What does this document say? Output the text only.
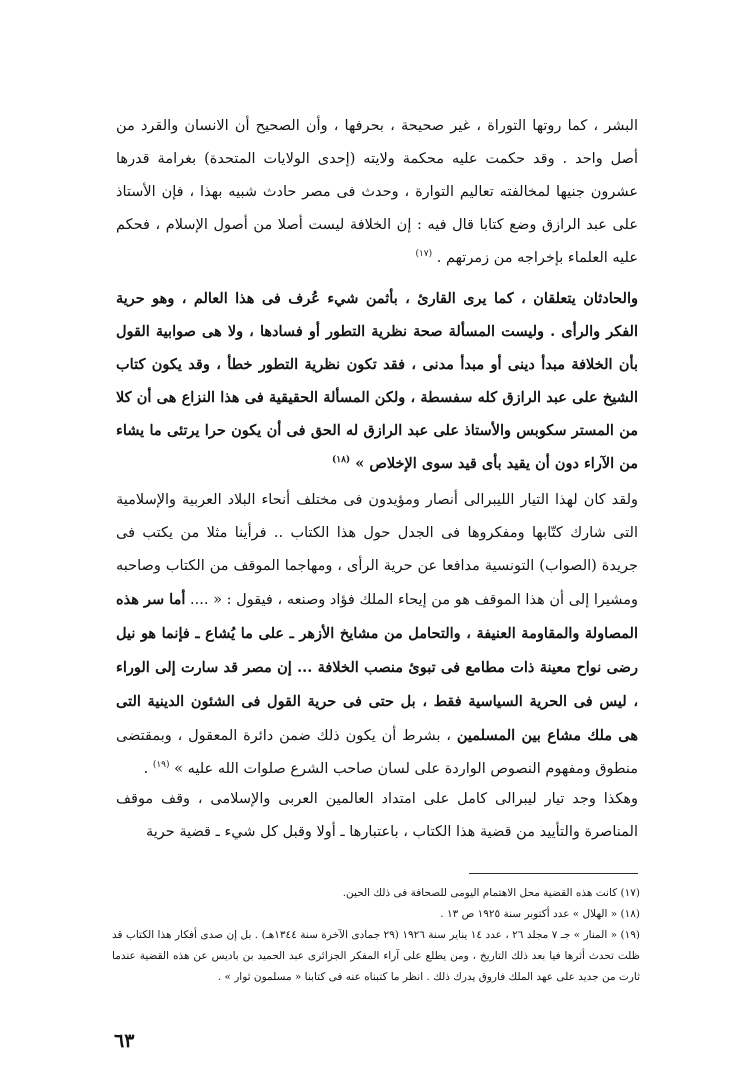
البشر ، كما روتها التوراة ، غير صحيحة ، بحرفها ، وأن الصحيح أن الانسان والقرد من أصل واحد . وقد حكمت عليه محكمة ولايته (إحدى الولايات المتحدة) بغرامة قدرها عشرون جنيها لمخالفته تعاليم التوارة ، وحدث فى مصر حادث شبيه بهذا ، فإن الأستاذ على عبد الرازق وضع كتابا قال فيه : إن الخلافة ليست أصلا من أصول الإسلام ، فحكم عليه العلماء بإخراجه من زمرتهم . $^{(١٧)}$

والحادثان يتعلقان ، كما يرى القارئ ، بأثمن شيء عُرف فى هذا العالم ، وهو حرية الفكر والرأى . وليست المسألة صحة نظرية التطور أو فسادها ، ولا هى صوابية القول بأن الخلافة مبدأ دينى أو مبدأ مدنى ، فقد تكون نظرية التطور خطأ ، وقد يكون كتاب الشيخ على عبد الرازق كله سفسطة ، ولكن المسألة الحقيقية فى هذا النزاع هى أن كلا من المستر سكوبس والأستاذ على عبد الرازق له الحق فى أن يكون حرا يرتئى ما يشاء من الآراء دون أن يقيد بأى قيد سوى الإخلاص » $^{(١٨)}$

ولقد كان لهذا التيار الليبرالى أنصار ومؤيدون فى مختلف أنحاء البلاد العربية والإسلامية التى شارك كتّابها ومفكروها فى الجدل حول هذا الكتاب .. فرأينا مثلا من يكتب فى جريدة (الصواب) التونسية مدافعا عن حرية الرأى ، ومهاجما الموقف من الكتاب وصاحبه ومشيرا إلى أن هذا الموقف هو من إيحاء الملك فؤاد وصنعه ، فيقول : « .... أما سر هذه المصاولة والمقاومة العنيفة ، والتحامل من مشايخ الأزهر ـ على ما يُشاع ـ فإنما هو نيل رضى نواح معينة ذات مطامع فى تبوئ منصب الخلافة ... إن مصر قد سارت إلى الوراء ، ليس فى الحرية السياسية فقط ، بل حتى فى حرية القول فى الشئون الدينية التى هى ملك مشاع بين المسلمين ، بشرط أن يكون ذلك ضمن دائرة المعقول ، وبمقتضى منطوق ومفهوم النصوص الواردة على لسان صاحب الشرع صلوات الله عليه » $^{(١٩)}$ .

وهكذا وجد تيار ليبرالى كامل على امتداد العالمين العربى والإسلامى ، وقف موقف المناصرة والتأييد من قضية هذا الكتاب ، باعتبارها ـ أولا وقبل كل شيء ـ قضية حرية

(١٧) كانت هذه القضية محل الاهتمام اليومى للصحافة فى ذلك الحين.

(١٨) « الهلال » عدد أكتوبر سنة ١٩٢٥ ص ١٣ .

(١٩) « المنار » جـ ٧ مجلد ٢٦ ، عدد ١٤ يناير سنة ١٩٢٦ (٢٩ جمادى الآخرة سنة ١٣٤٤هـ) . بل إن صدى أفكار هذا الكتاب قد ظلت تحدث أثرها فيا بعد ذلك التاريخ ، ومن يطلع على آراء المفكر الجزائرى عبد الحميد بن باديس عن هذه القضية عندما ثارت من جديد على عهد الملك فاروق يدرك ذلك . انظر ما كتبناه عنه فى كتابنا « مسلمون ثوار » .

٦٣
